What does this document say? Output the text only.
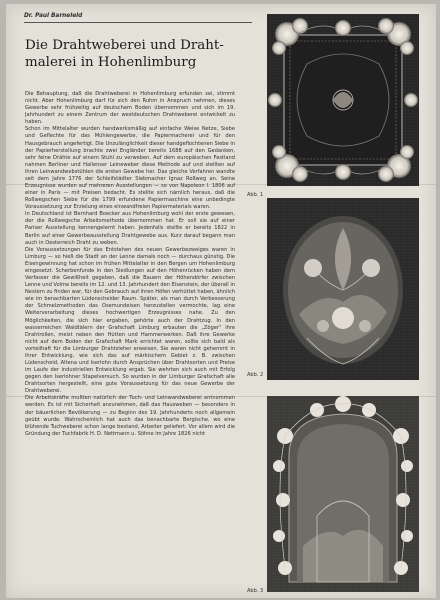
Dr. Paul Barneleld
Die Drahtweberei und Draht-
malerei in Hohenlimburg

Die Behauptung, daß die Drahtweberei in Hohenlimburg erfunden sei, stimmt nicht. Aber Hohenlimburg darf für sich den Ruhm in Anspruch nehmen, dieses Gewerbe sehr frühzeitig auf deutschem Boden übernommen und sich im 19. Jahrhundert zu einem Zentrum der westdeutschen Drahtweberei entwickelt zu haben.

Schon im Mittelalter wurden handwerksmäßig auf einfache Weise Netze, Siebe und Geflechte für das Mühlengewerbe, die Papiermacherei und für den Hausgebrauch angefertigt. Die Unzulänglichkeit dieser handgeflochtenen Siebe in der Papierherstellung brachte zwei Engländer bereits 1688 auf den Gedanken, sehr feine Drähte auf einem Stuhl zu verweben. Auf dem europäischen Festland nahmen Berliner und Hallenser Leineweber diese Methode auf und stellten auf ihren Leinwandwebstühlen die ersten Gewebe her. Das gleiche Verfahren wandte seit dem Jahre 1776 der Schleifstädter Siebmacher Ignaz Roßweg an. Seine Erzeugnisse wurden auf mehreren Ausstellungen — so von Napoleon I. 1806 auf einer in Paris — mit Preisen bedacht. Es stellte sich nämlich heraus, daß die Roßwegschen Siebe für die 1799 erfundene Papiermaschine eine unbedingte Voraussetzung zur Erzielung eines einwandfreien Papiermaterials waren.

In Deutschland ist Bernhard Boecker aus Hohenlimburg wohl der erste gewesen, der die Roßwegsche Arbeitsmethode übernommen hat. Er soll sie auf einer Pariser Ausstellung kennengelernt haben. Jedenfalls stellte er bereits 1822 in Berlin auf einer Gewerbeausstellung Drahtgewebe aus. Kurz darauf begann man auch in Oesterreich Draht zu weben.

Die Voraussetzungen für das Entstehen des neuen Gewerbezweiges waren in Limburg — so hieß die Stadt an der Lenne damals noch — durchaus günstig. Die Eisengewinnung hat schon im frühen Mittelalter in den Bergen um Hohenlimburg eingesetzt. Scherbenfunde in den Siedlungen auf den Höhenrücken haben dem Verfasser die Gewißheit gegeben, daß die Bauern der Höhendörfer zwischen Lenne und Volme bereits im 12. und 13. Jahrhundert den Eisenstein, der überall in Nestern zu finden war, für den Gebrauch auf ihren Höfen verhüttet haben, ähnlich wie im benachbarten Lüdenscheider Raum. Später, als man durch Verbesserung der Schmelzmethoden das Osemundeisen herzustellen vermochte, lag eine Weiterverarbeitung dieses hochwertigen Erzeugnisses nahe. Zu den Möglichkeiten, die sich hier ergaben, gehörte auch der Drahtzug. In den wasserreichen Waldtälern der Grafschaft Limburg erbauten die „Zöger“ ihre Drahtrollen, meist neben den Hütten und Hammerwerken. Daß ihre Gewerke nicht auf dem Boden der Grafschaft Mark errichtet waren, sollte sich bald als vorteilhaft für die Limburger Drahtzieher erweisen. Sie waren nicht gehemmt in ihrer Entwicklung, wie sich das auf märkischem Gebiet z. B. zwischen Lüdenscheid, Altena und Iserlohn durch Ansprüchen über Drahtsorten und Preise im Laufe der industriellen Entwicklung ergab. Sie wehrten sich auch mit Erfolg gegen den Iserlohner Stapelversuch. So wurden in der Limburger Grafschaft alle Drahtsorten hergestellt, eine gute Voraussetzung für das neue Gewerbe der Drahtweberei.

Die Arbeitskräfte mußten natürlich der Tuch- und Leinwandweberei entnommen werden. Es ist mit Sicherheit anzunehmen, daß das Hausweben — besonders in der bäuerlichen Bevölkerung — zu Beginn des 19. Jahrhunderts noch allgemein geübt wurde. Wahrscheinlich hat auch das benachbarte Bergische, wo eine blühende Tuchweberei schon lange bestand, Arbeiter geliefert. Vor allem wird die Gründung der Tuchfabrik H. D. Nettmann u. Söhne im Jahre 1826 nicht

Abb. 1
Abb. 2
Abb. 3
